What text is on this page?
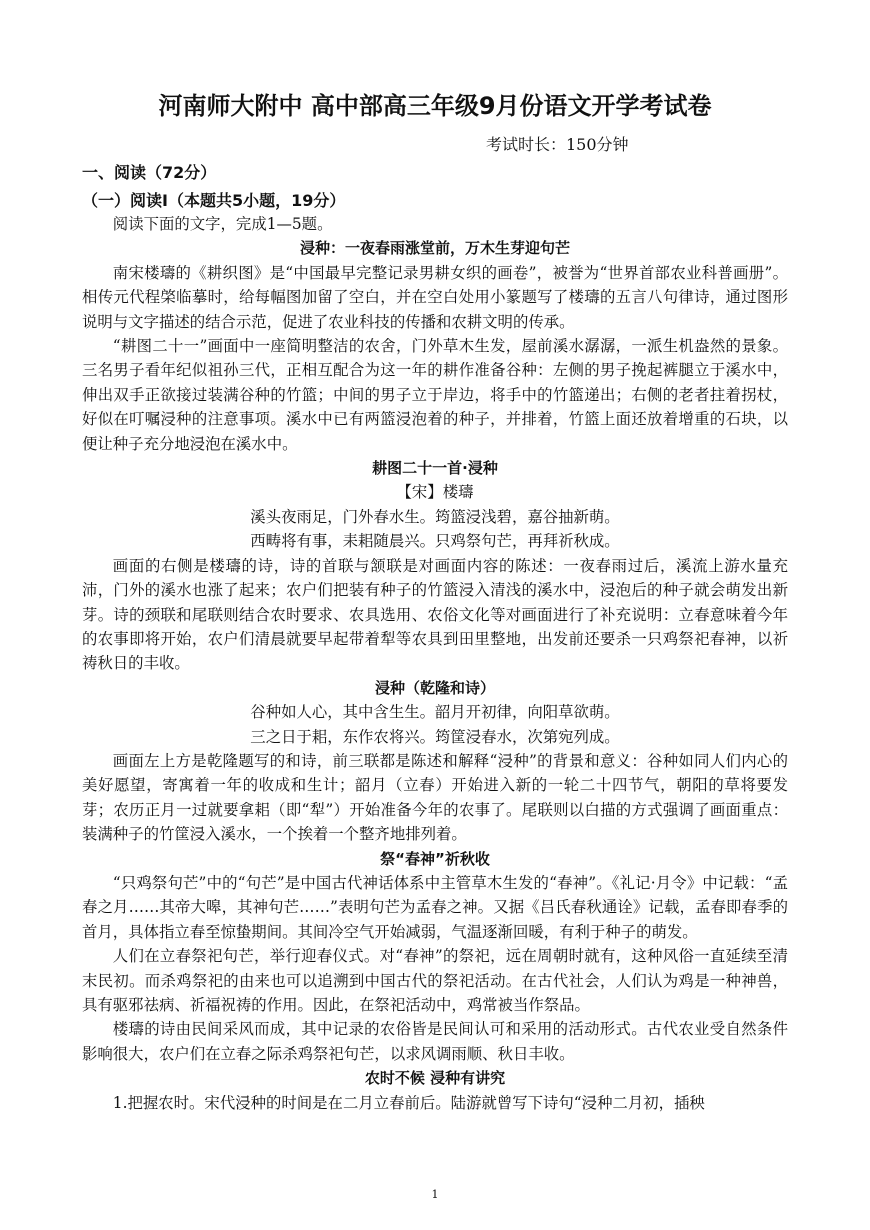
河南师大附中 高中部高三年级9月份语文开学考试卷
考试时长：150分钟
一、阅读（72分）
（一）阅读I（本题共5小题，19分）

阅读下面的文字，完成1—5题。

浸种：一夜春雨涨堂前，万木生芽迎句芒

南宋楼璹的《耕织图》是“中国最早完整记录男耕女织的画卷”，被誉为“世界首部农业科普画册”。相传元代程棨临摹时，给每幅图加留了空白，并在空白处用小篆题写了楼璹的五言八句律诗，通过图形说明与文字描述的结合示范，促进了农业科技的传播和农耕文明的传承。

“耕图二十一”画面中一座简明整洁的农舍，门外草木生发，屋前溪水潺潺，一派生机盎然的景象。三名男子看年纪似祖孙三代，正相互配合为这一年的耕作准备谷种：左侧的男子挽起裤腿立于溪水中，伸出双手正欲接过装满谷种的竹篮；中间的男子立于岸边，将手中的竹篮递出；右侧的老者拄着拐杖，好似在叮嘱浸种的注意事项。溪水中已有两篮浸泡着的种子，并排着，竹篮上面还放着增重的石块，以便让种子充分地浸泡在溪水中。

耕图二十一首·浸种

【宋】楼璹

溪头夜雨足，门外春水生。筠篮浸浅碧，嘉谷抽新萌。

西畴将有事，耒耜随晨兴。只鸡祭句芒，再拜祈秋成。

画面的右侧是楼璹的诗，诗的首联与颔联是对画面内容的陈述：一夜春雨过后，溪流上游水量充沛，门外的溪水也涨了起来；农户们把装有种子的竹篮浸入清浅的溪水中，浸泡后的种子就会萌发出新芽。诗的颈联和尾联则结合农时要求、农具选用、农俗文化等对画面进行了补充说明：立春意味着今年的农事即将开始，农户们清晨就要早起带着犁等农具到田里整地，出发前还要杀一只鸡祭祀春神，以祈祷秋日的丰收。

浸种（乾隆和诗）

谷种如人心，其中含生生。韶月开初律，向阳草欲萌。

三之日于耜，东作农将兴。筠筐浸春水，次第宛列成。

画面左上方是乾隆题写的和诗，前三联都是陈述和解释“浸种”的背景和意义：谷种如同人们内心的美好愿望，寄寓着一年的收成和生计；韶月（立春）开始进入新的一轮二十四节气，朝阳的草将要发芽；农历正月一过就要拿耜（即“犁”）开始准备今年的农事了。尾联则以白描的方式强调了画面重点：装满种子的竹筐浸入溪水，一个挨着一个整齐地排列着。

祭“春神”祈秋收

“只鸡祭句芒”中的“句芒”是中国古代神话体系中主管草木生发的“春神”。《礼记·月令》中记载：“孟春之月……其帝大嗥，其神句芒……”表明句芒为孟春之神。又据《吕氏春秋通诠》记载，孟春即春季的首月，具体指立春至惊蛰期间。其间冷空气开始减弱，气温逐渐回暖，有利于种子的萌发。

人们在立春祭祀句芒，举行迎春仪式。对“春神”的祭祀，远在周朝时就有，这种风俗一直延续至清末民初。而杀鸡祭祀的由来也可以追溯到中国古代的祭祀活动。在古代社会，人们认为鸡是一种神兽，具有驱邪祛病、祈福祝祷的作用。因此，在祭祀活动中，鸡常被当作祭品。

楼璹的诗由民间采风而成，其中记录的农俗皆是民间认可和采用的活动形式。古代农业受自然条件影响很大，农户们在立春之际杀鸡祭祀句芒，以求风调雨顺、秋日丰收。

农时不候 浸种有讲究

1.把握农时。宋代浸种的时间是在二月立春前后。陆游就曾写下诗句“浸种二月初，插秧

1
